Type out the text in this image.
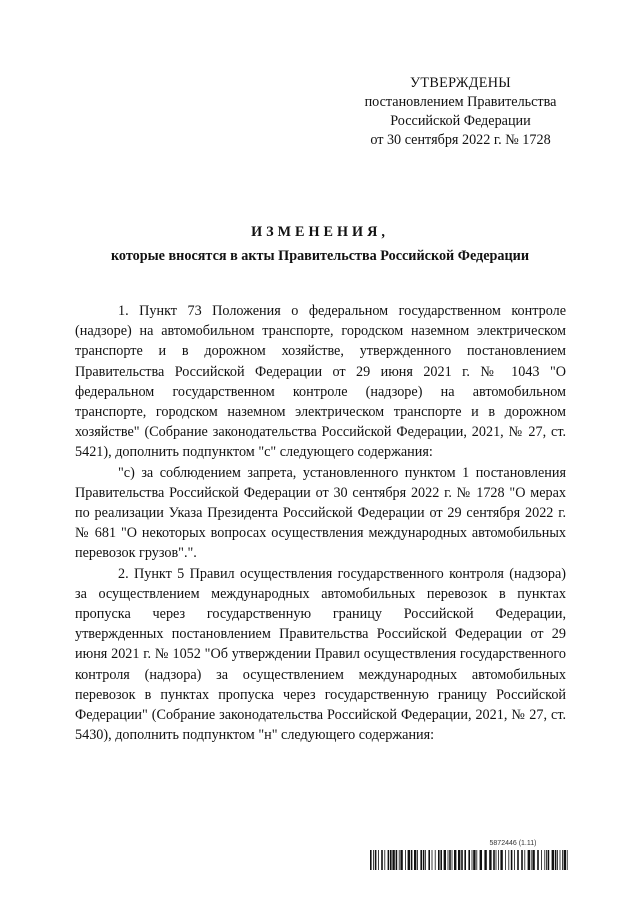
УТВЕРЖДЕНЫ
постановлением Правительства
Российской Федерации
от 30 сентября 2022 г. № 1728
ИЗМЕНЕНИЯ,
которые вносятся в акты Правительства Российской Федерации

1. Пункт 73 Положения о федеральном государственном контроле (надзоре) на автомобильном транспорте, городском наземном электрическом транспорте и в дорожном хозяйстве, утвержденного постановлением Правительства Российской Федерации от 29 июня 2021 г. № 1043 "О федеральном государственном контроле (надзоре) на автомобильном транспорте, городском наземном электрическом транспорте и в дорожном хозяйстве" (Собрание законодательства Российской Федерации, 2021, № 27, ст. 5421), дополнить подпунктом "с" следующего содержания:

"с) за соблюдением запрета, установленного пунктом 1 постановления Правительства Российской Федерации от 30 сентября 2022 г. № 1728 "О мерах по реализации Указа Президента Российской Федерации от 29 сентября 2022 г. № 681 "О некоторых вопросах осуществления международных автомобильных перевозок грузов".".

2. Пункт 5 Правил осуществления государственного контроля (надзора) за осуществлением международных автомобильных перевозок в пунктах пропуска через государственную границу Российской Федерации, утвержденных постановлением Правительства Российской Федерации от 29 июня 2021 г. № 1052 "Об утверждении Правил осуществления государственного контроля (надзора) за осуществлением международных автомобильных перевозок в пунктах пропуска через государственную границу Российской Федерации" (Собрание законодательства Российской Федерации, 2021, № 27, ст. 5430), дополнить подпунктом "н" следующего содержания:

5872446 (1.11)
